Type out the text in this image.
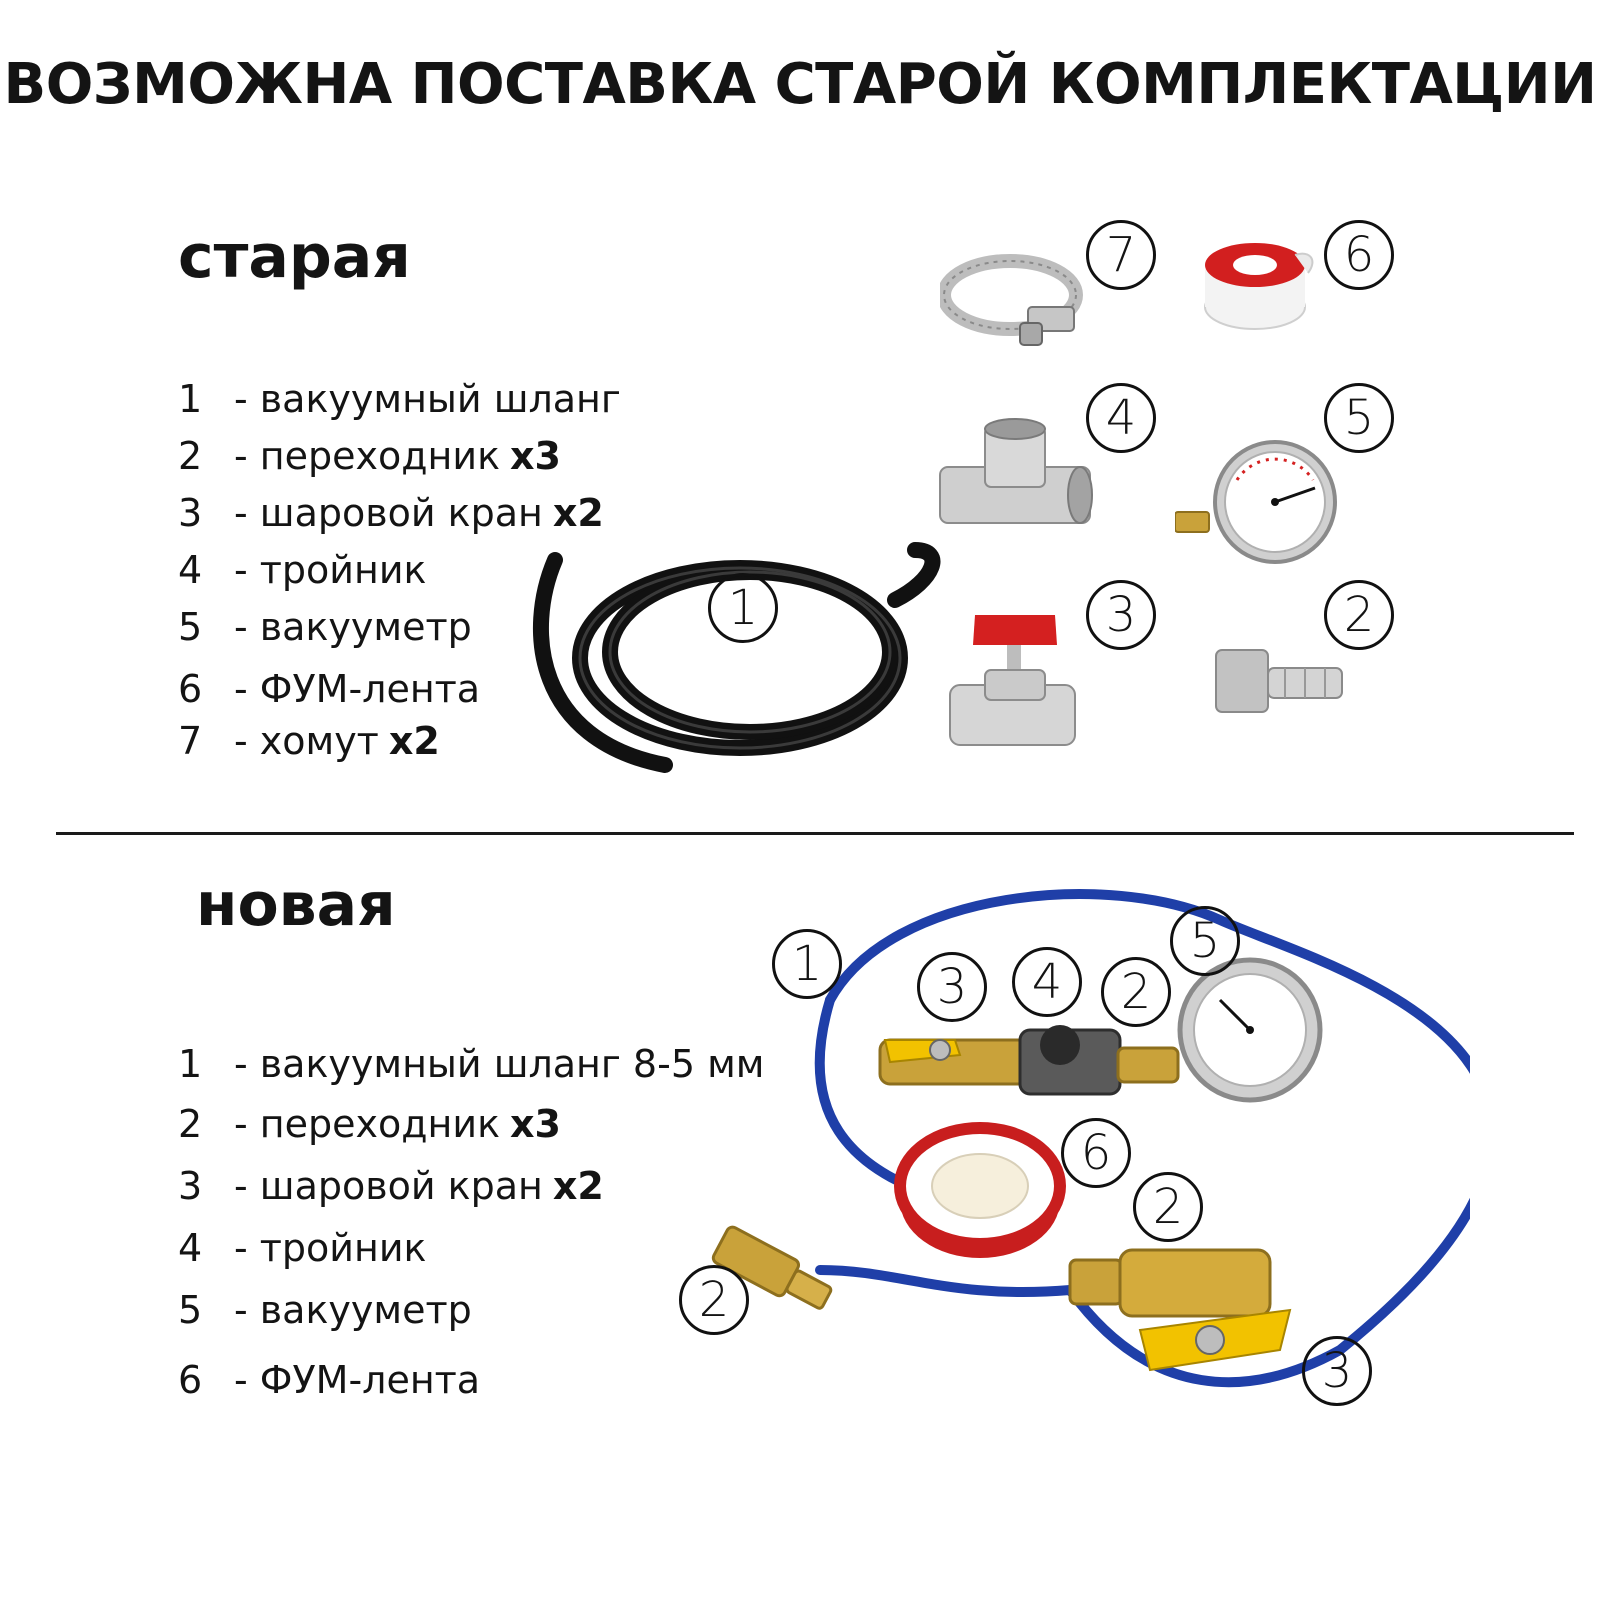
ВОЗМОЖНА ПОСТАВКА СТАРОЙ КОМПЛЕКТАЦИИ
старая
1 - вакуумный шланг
2 - переходник x3
3 - шаровой кран x2
4 - тройник
5 - вакууметр
6 - ФУМ-лента
7 - хомут x2
7	6
4	5
1	3	2
новая
1 - вакуумный шланг 8-5 мм
2 - переходник x3
3 - шаровой кран x2
4 - тройник
5 - вакууметр
6 - ФУМ-лента
1	3	4	2
5
6
2
2
3
